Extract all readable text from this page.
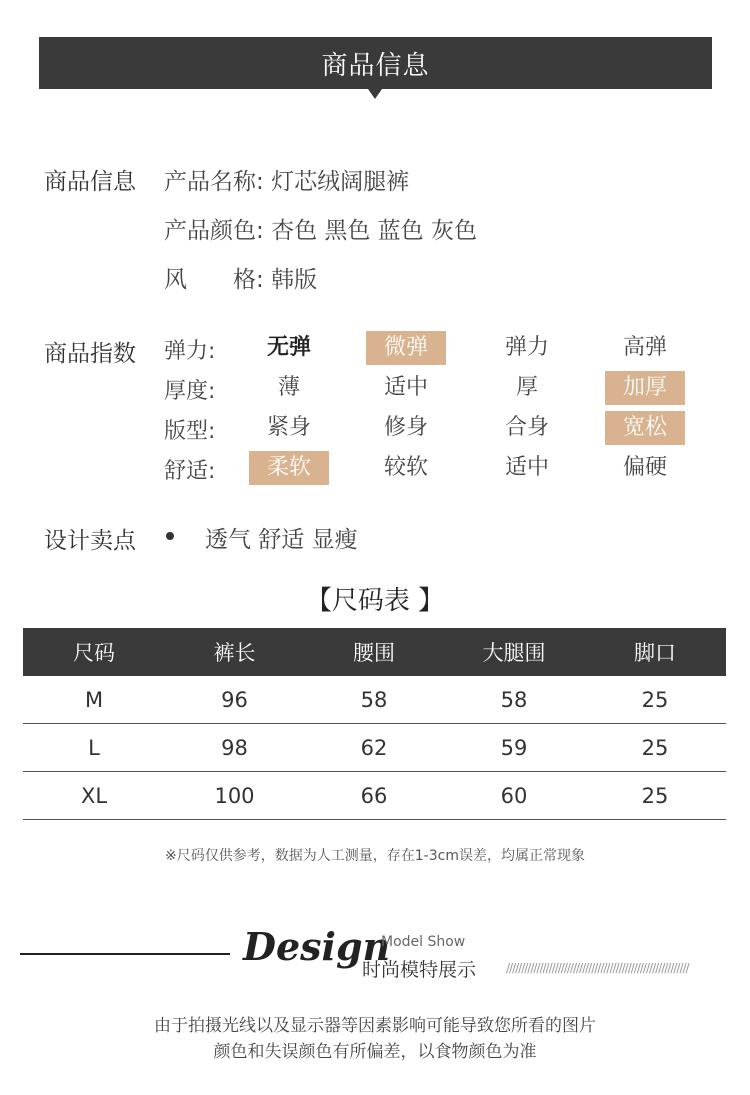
商品信息
商品信息 产品名称: 灯芯绒阔腿裤
产品颜色: 杏色 黑色 蓝色 灰色
风　　格: 韩版
商品指数 弹力:	无弹	微弹	弹力	高弹
厚度:	薄	适中	厚	加厚
版型:	紧身	修身	合身	宽松
舒适:	柔软	较软	适中	偏硬
设计卖点	透气 舒适 显瘦
【尺码表 】
尺码	裤长	腰围	大腿围	脚口
M	96	58	58	25
L	98	62	59	25
XL	100	66	60	25
※尺码仅供参考，数据为人工测量，存在1-3cm误差，均属正常现象
Design
Model Show
时尚模特展示 ////////////////////////////////////////////////////////////
由于拍摄光线以及显示器等因素影响可能导致您所看的图片
颜色和失误颜色有所偏差，以食物颜色为准
